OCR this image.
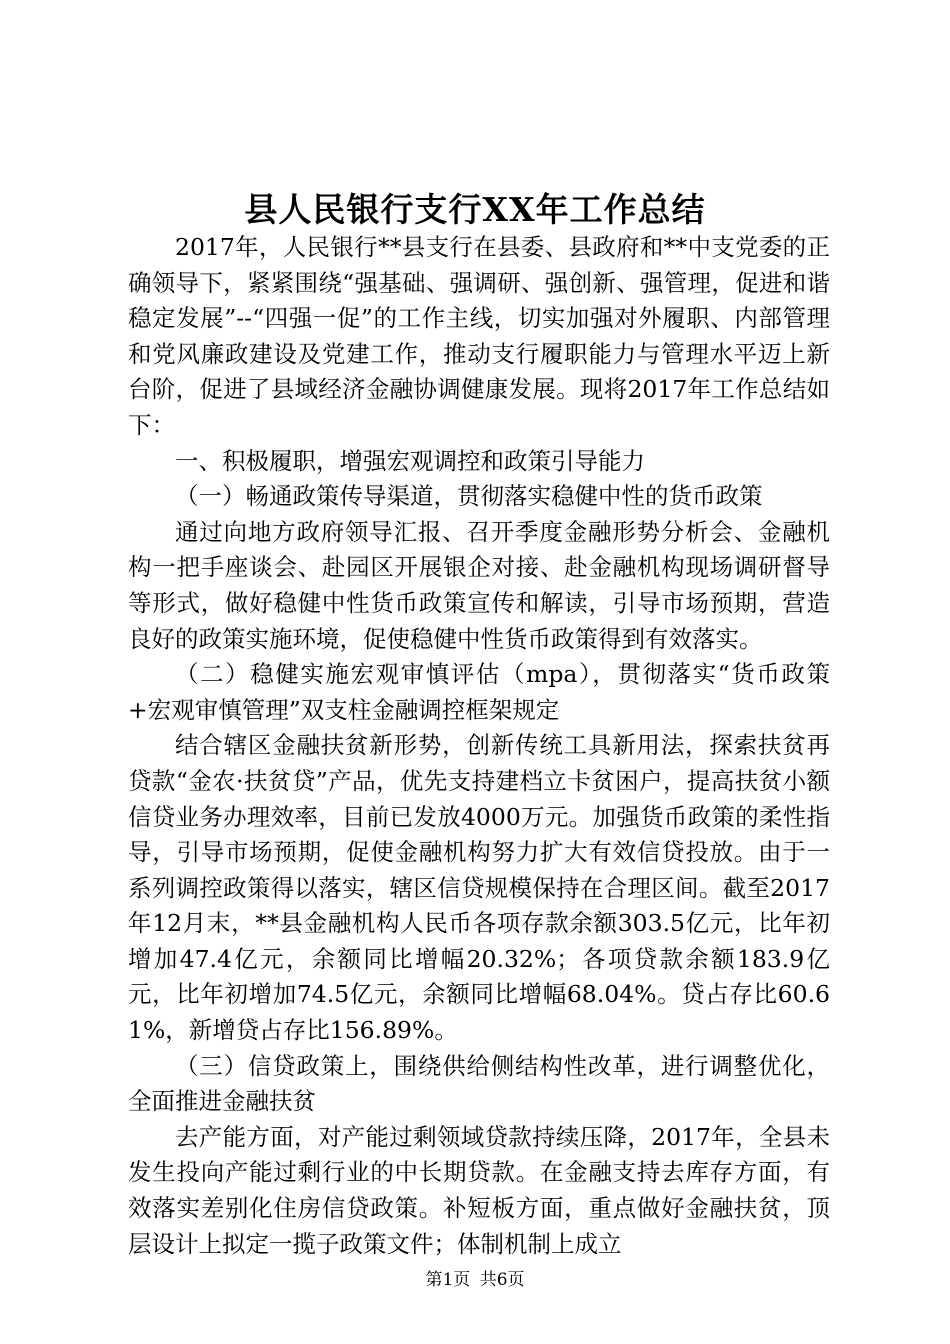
县人民银行支行XX年工作总结

2017年，人民银行**县支行在县委、县政府和**中支党委的正确领导下，紧紧围绕“强基础、强调研、强创新、强管理，促进和谐稳定发展”--“四强一促”的工作主线，切实加强对外履职、内部管理和党风廉政建设及党建工作，推动支行履职能力与管理水平迈上新台阶，促进了县域经济金融协调健康发展。现将2017年工作总结如下：

一、积极履职，增强宏观调控和政策引导能力

（一）畅通政策传导渠道，贯彻落实稳健中性的货币政策

通过向地方政府领导汇报、召开季度金融形势分析会、金融机构一把手座谈会、赴园区开展银企对接、赴金融机构现场调研督导等形式，做好稳健中性货币政策宣传和解读，引导市场预期，营造良好的政策实施环境，促使稳健中性货币政策得到有效落实。

（二）稳健实施宏观审慎评估（mpa），贯彻落实“货币政策+宏观审慎管理”双支柱金融调控框架规定

结合辖区金融扶贫新形势，创新传统工具新用法，探索扶贫再贷款“金农·扶贫贷”产品，优先支持建档立卡贫困户，提高扶贫小额信贷业务办理效率，目前已发放4000万元。加强货币政策的柔性指导，引导市场预期，促使金融机构努力扩大有效信贷投放。由于一系列调控政策得以落实，辖区信贷规模保持在合理区间。截至2017年12月末，**县金融机构人民币各项存款余额303.5亿元，比年初增加47.4亿元，余额同比增幅20.32%；各项贷款余额183.9亿元，比年初增加74.5亿元，余额同比增幅68.04%。贷占存比60.61%，新增贷占存比156.89%。

（三）信贷政策上，围绕供给侧结构性改革，进行调整优化，全面推进金融扶贫

去产能方面，对产能过剩领域贷款持续压降，2017年，全县未发生投向产能过剩行业的中长期贷款。在金融支持去库存方面，有效落实差别化住房信贷政策。补短板方面，重点做好金融扶贫，顶层设计上拟定一揽子政策文件；体制机制上成立

第1页 共6页
